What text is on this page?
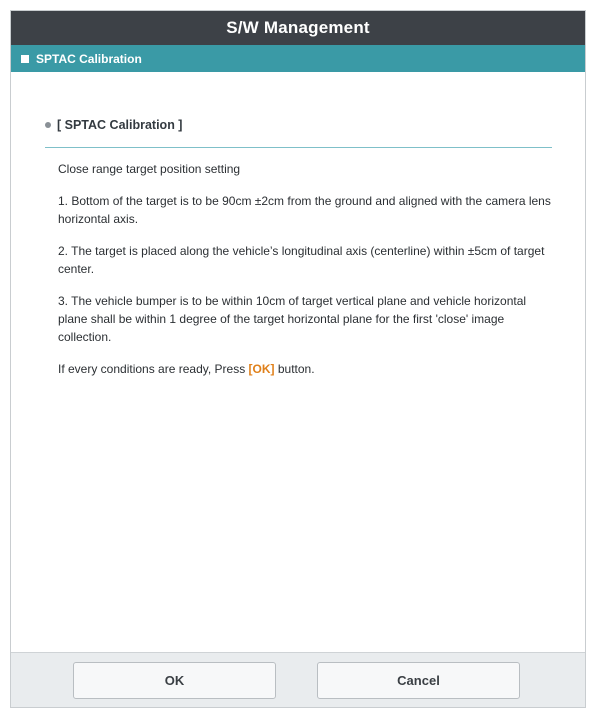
S/W Management
SPTAC Calibration
[ SPTAC Calibration ]

Close range target position setting

1. Bottom of the target is to be 90cm ±2cm from the ground and aligned with the camera lens horizontal axis.

2. The target is placed along the vehicle’s longitudinal axis (centerline) within ±5cm of target center.

3. The vehicle bumper is to be within 10cm of target vertical plane and vehicle horizontal plane shall be within 1 degree of the target horizontal plane for the first 'close' image collection.

If every conditions are ready, Press [OK] button.

OK	Cancel
